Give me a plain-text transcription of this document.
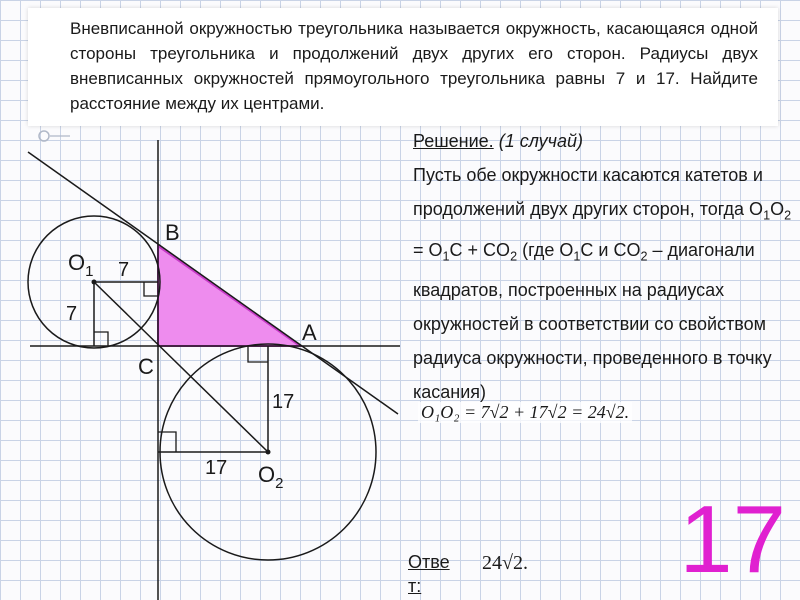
Вневписанной окружностью треугольника называется окружность, касающаяся одной стороны треугольника и продолжений двух других его сторон. Радиусы двух вневписанных окружностей прямоугольного треугольника равны 7 и 17. Найдите расстояние между их центрами.
B
A
C
$O_1$
$O_2$
7
7
17
17
Решение. (1 случай)
Пусть обе окружности касаются катетов и продолжений двух других сторон, тогда $O_1O_2 = O_1C + CO_2$ (где $O_1C$ и $CO_2$ – диагонали квадратов, построенных на радиусах окружностей в соответствии со свойством радиуса окружности, проведенного в точку касания)
O₁O₂ = 7√2 + 17√2 = 24√2.
Ответ:
24√2. 17
